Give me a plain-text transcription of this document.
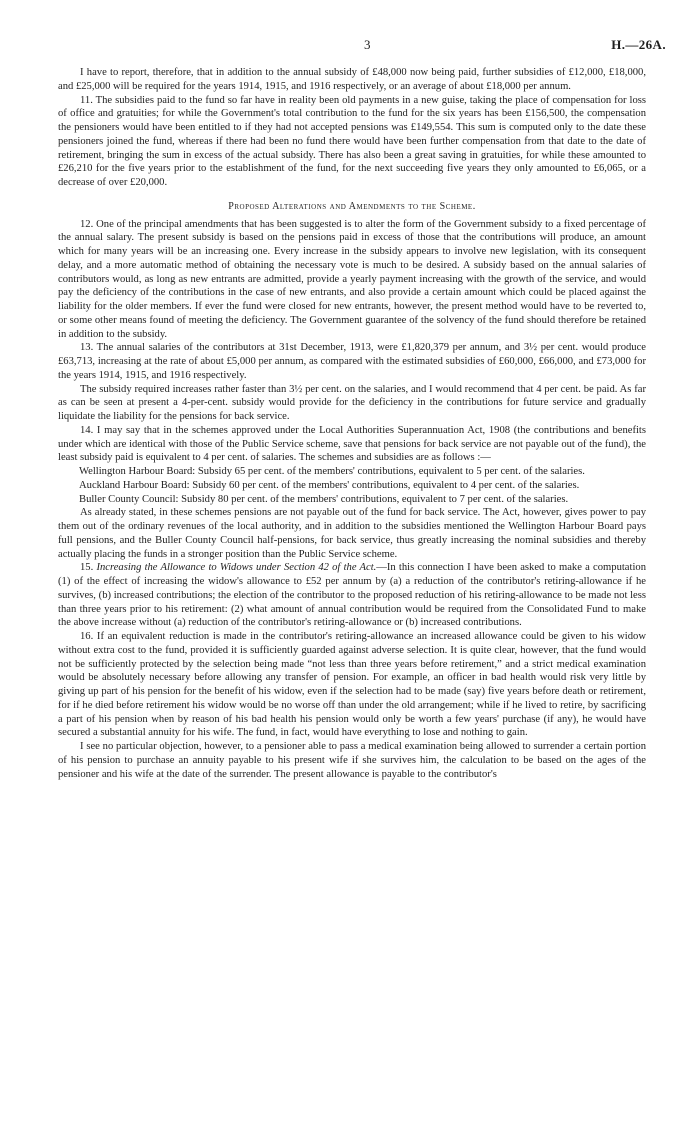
3	H.—26A.

I have to report, therefore, that in addition to the annual subsidy of £48,000 now being paid, further subsidies of £12,000, £18,000, and £25,000 will be required for the years 1914, 1915, and 1916 respectively, or an average of about £18,000 per annum.

11. The subsidies paid to the fund so far have in reality been old payments in a new guise, taking the place of compensation for loss of office and gratuities; for while the Government's total contribution to the fund for the six years has been £156,500, the compensation the pensioners would have been entitled to if they had not accepted pensions was £149,554. This sum is computed only to the date these pensioners joined the fund, whereas if there had been no fund there would have been further compensation from that date to the date of retirement, bringing the sum in excess of the actual subsidy. There has also been a great saving in gratuities, for while these amounted to £26,210 for the five years prior to the establishment of the fund, for the next succeeding five years they only amounted to £6,065, or a decrease of over £20,000.

Proposed Alterations and Amendments to the Scheme.

12. One of the principal amendments that has been suggested is to alter the form of the Government subsidy to a fixed percentage of the annual salary. The present subsidy is based on the pensions paid in excess of those that the contributions will produce, an amount which for many years will be an increasing one. Every increase in the subsidy appears to involve new legislation, with its consequent delay, and a more automatic method of obtaining the necessary vote is much to be desired. A subsidy based on the annual salaries of contributors would, as long as new entrants are admitted, provide a yearly payment increasing with the growth of the service, and would pay the deficiency of the contributions in the case of new entrants, and also provide a certain amount which could be placed against the liability for the older members. If ever the fund were closed for new entrants, however, the present method would have to be reverted to, or some other means found of meeting the deficiency. The Government guarantee of the solvency of the fund should therefore be retained in addition to the subsidy.

13. The annual salaries of the contributors at 31st December, 1913, were £1,820,379 per annum, and 3½ per cent. would produce £63,713, increasing at the rate of about £5,000 per annum, as compared with the estimated subsidies of £60,000, £66,000, and £73,000 for the years 1914, 1915, and 1916 respectively.

The subsidy required increases rather faster than 3½ per cent. on the salaries, and I would recommend that 4 per cent. be paid. As far as can be seen at present a 4-per-cent. subsidy would provide for the deficiency in the contributions for future service and gradually liquidate the liability for the pensions for back service.

14. I may say that in the schemes approved under the Local Authorities Superannuation Act, 1908 (the contributions and benefits under which are identical with those of the Public Service scheme, save that pensions for back service are not payable out of the fund), the least subsidy paid is equivalent to 4 per cent. of salaries. The schemes and subsidies are as follows :—

Wellington Harbour Board: Subsidy 65 per cent. of the members' contributions, equivalent to 5 per cent. of the salaries.

Auckland Harbour Board: Subsidy 60 per cent. of the members' contributions, equivalent to 4 per cent. of the salaries.

Buller County Council: Subsidy 80 per cent. of the members' contributions, equivalent to 7 per cent. of the salaries.

As already stated, in these schemes pensions are not payable out of the fund for back service. The Act, however, gives power to pay them out of the ordinary revenues of the local authority, and in addition to the subsidies mentioned the Wellington Harbour Board pays full pensions, and the Buller County Council half-pensions, for back service, thus greatly increasing the nominal subsidies and thereby actually placing the funds in a stronger position than the Public Service scheme.

15. Increasing the Allowance to Widows under Section 42 of the Act.—In this connection I have been asked to make a computation (1) of the effect of increasing the widow's allowance to £52 per annum by (a) a reduction of the contributor's retiring-allowance if he survives, (b) increased contributions; the election of the contributor to the proposed reduction of his retiring-allowance to be made not less than three years prior to his retirement: (2) what amount of annual contribution would be required from the Consolidated Fund to make the above increase without (a) reduction of the contributor's retiring-allowance or (b) increased contributions.

16. If an equivalent reduction is made in the contributor's retiring-allowance an increased allowance could be given to his widow without extra cost to the fund, provided it is sufficiently guarded against adverse selection. It is quite clear, however, that the fund would not be sufficiently protected by the selection being made “not less than three years before retirement,” and a strict medical examination would be absolutely necessary before allowing any transfer of pension. For example, an officer in bad health would risk very little by giving up part of his pension for the benefit of his widow, even if the selection had to be made (say) five years before death or retirement, for if he died before retirement his widow would be no worse off than under the old arrangement; while if he lived to retire, by sacrificing a part of his pension when by reason of his bad health his pension would only be worth a few years' purchase (if any), he would have secured a substantial annuity for his wife. The fund, in fact, would have everything to lose and nothing to gain.

I see no particular objection, however, to a pensioner able to pass a medical examination being allowed to surrender a certain portion of his pension to purchase an annuity payable to his present wife if she survives him, the calculation to be based on the ages of the pensioner and his wife at the date of the surrender. The present allowance is payable to the contributor's
